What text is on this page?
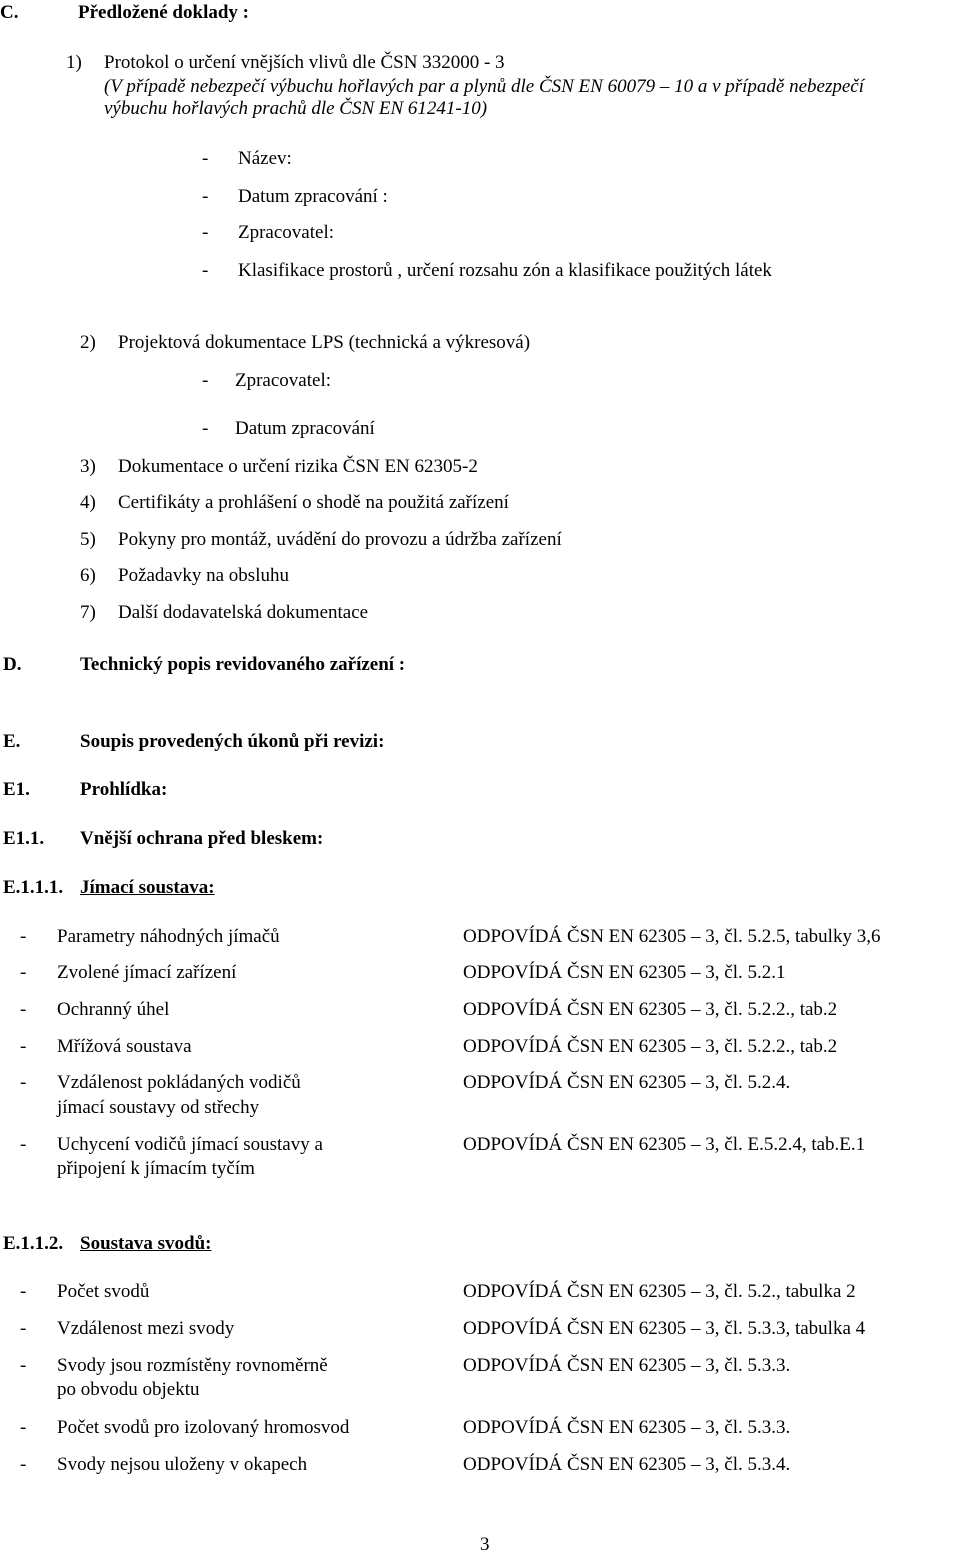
C.	Předložené doklady :
1) Protokol o určení vnějších vlivů dle ČSN 332000 - 3
(V případě nebezpečí výbuchu hořlavých par a plynů dle ČSN EN 60079 – 10 a v případě nebezpečí
výbuchu hořlavých prachů dle ČSN EN 61241-10)
- Název:
- Datum zpracování :
- Zpracovatel:
- Klasifikace prostorů , určení rozsahu zón a klasifikace použitých látek
2) Projektová dokumentace LPS (technická a výkresová)
- Zpracovatel:
- Datum zpracování
3) Dokumentace o určení rizika ČSN EN 62305-2
4) Certifikáty a prohlášení o shodě na použitá zařízení
5) Pokyny pro montáž, uvádění do provozu a údržba zařízení
6) Požadavky na obsluhu
7) Další dodavatelská dokumentace
D.	Technický popis revidovaného zařízení :
E.	Soupis provedených úkonů při revizi:
E1.	Prohlídka:
E1.1. Vnější ochrana před bleskem:
E.1.1.1. Jímací soustava:
- Parametry náhodných jímačů	ODPOVÍDÁ ČSN EN 62305 – 3, čl. 5.2.5, tabulky 3,6
- Zvolené jímací zařízení	ODPOVÍDÁ ČSN EN 62305 – 3, čl. 5.2.1
- Ochranný úhel	ODPOVÍDÁ ČSN EN 62305 – 3, čl. 5.2.2., tab.2
- Mřížová soustava	ODPOVÍDÁ ČSN EN 62305 – 3, čl. 5.2.2., tab.2
- Vzdálenost pokládaných vodičů
jímací soustavy od střechy
ODPOVÍDÁ ČSN EN 62305 – 3, čl. 5.2.4.
- Uchycení vodičů jímací soustavy a
připojení k jímacím tyčím
ODPOVÍDÁ ČSN EN 62305 – 3, čl. E.5.2.4, tab.E.1
E.1.1.2. Soustava svodů:
- Počet svodů	ODPOVÍDÁ ČSN EN 62305 – 3, čl. 5.2., tabulka 2
- Vzdálenost mezi svody	ODPOVÍDÁ ČSN EN 62305 – 3, čl. 5.3.3, tabulka 4
- Svody jsou rozmístěny rovnoměrně
po obvodu objektu
ODPOVÍDÁ ČSN EN 62305 – 3, čl. 5.3.3.
- Počet svodů pro izolovaný hromosvod	ODPOVÍDÁ ČSN EN 62305 – 3, čl. 5.3.3.
- Svody nejsou uloženy v okapech	ODPOVÍDÁ ČSN EN 62305 – 3, čl. 5.3.4.
3
